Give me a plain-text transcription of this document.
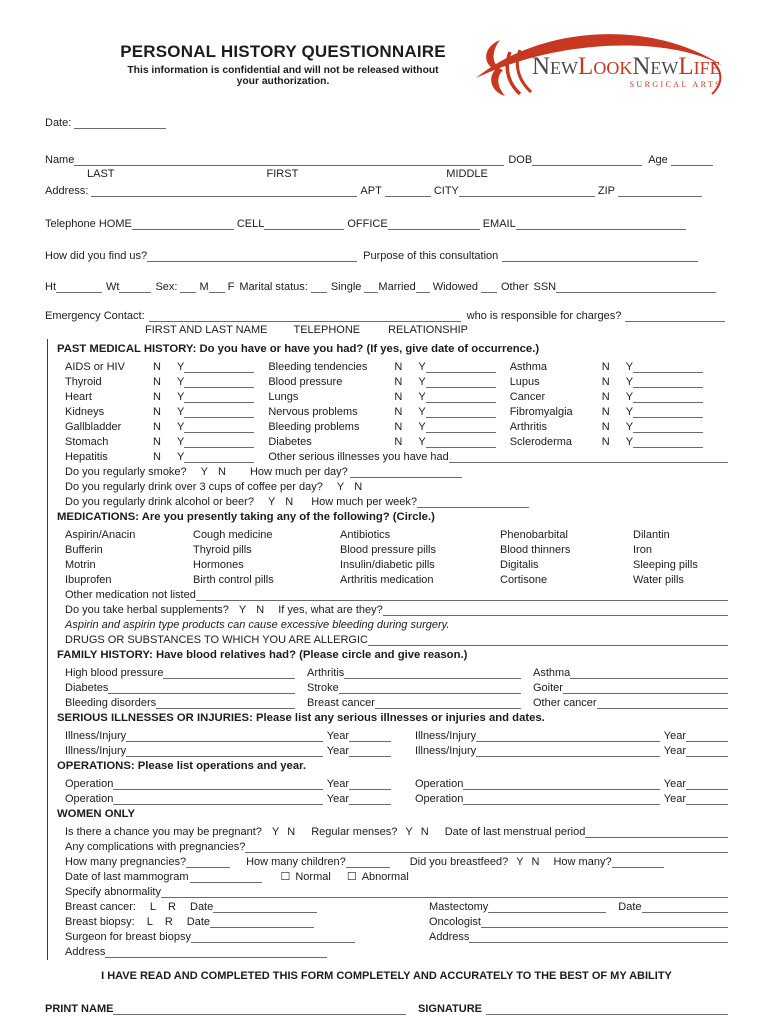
PERSONAL HISTORY QUESTIONNAIRE
This information is confidential and will not be released without your authorization.
NewLookNewLife
SURGICAL ARTS
Date:
Name	DOB	Age
LAST	FIRST	MIDDLE
Address:	APT	CITY	ZIP
Telephone HOME	CELL	OFFICE	EMAIL
How did you find us?	Purpose of this consultation
Ht	Wt	Sex: M F Marital status: Single Married Widowed Other SSN
Emergency Contact:	who is responsible for charges?
FIRST AND LAST NAME TELEPHONE	RELATIONSHIP
PAST MEDICAL HISTORY: Do you have or have you had? (If yes, give date of occurrence.)
AIDS or HIV	N	Y	Bleeding tendencies	N	Y	Asthma	N	Y
Thyroid	N	Y	Blood pressure	N	Y	Lupus	N	Y
Heart	N	Y	Lungs	N	Y	Cancer	N	Y
Kidneys	N	Y	Nervous problems	N	Y	Fibromyalgia	N	Y
Gallbladder	N	Y	Bleeding problems	N	Y	Arthritis	N	Y
Stomach	N	Y	Diabetes	N	Y	Scleroderma	N	Y
Hepatitis	N	Y	Other serious illnesses you have had
Do you regularly smoke? Y N How much per day?
Do you regularly drink over 3 cups of coffee per day? Y N
Do you regularly drink alcohol or beer? Y N How much per week?
MEDICATIONS: Are you presently taking any of the following? (Circle.)
Aspirin/Anacin	Cough medicine	Antibiotics	Phenobarbital	Dilantin
Bufferin	Thyroid pills	Blood pressure pills	Blood thinners	Iron
Motrin	Hormones	Insulin/diabetic pills	Digitalis	Sleeping pills
Ibuprofen	Birth control pills	Arthritis medication	Cortisone	Water pills
Other medication not listed
Do you take herbal supplements? Y N If yes, what are they?
Aspirin and aspirin type products can cause excessive bleeding during surgery.
DRUGS OR SUBSTANCES TO WHICH YOU ARE ALLERGIC
FAMILY HISTORY: Have blood relatives had? (Please circle and give reason.)
High blood pressure	Arthritis	Asthma
Diabetes	Stroke	Goiter
Bleeding disorders	Breast cancer	Other cancer
SERIOUS ILLNESSES OR INJURIES: Please list any serious illnesses or injuries and dates.
Illness/Injury	Year	Illness/Injury	Year
Illness/Injury	Year	Illness/Injury	Year
OPERATIONS: Please list operations and year.
Operation	Year	Operation	Year
Operation	Year	Operation	Year
WOMEN ONLY
Is there a chance you may be pregnant? Y N Regular menses? Y N Date of last menstrual period
Any complications with pregnancies?
How many pregnancies?	How many children?	Did you breastfeed? Y N How many?
Date of last mammogram	☐ Normal ☐ Abnormal
Specify abnormality
Breast cancer: L R Date	Mastectomy	Date
Breast biopsy: L R Date	Oncologist
Surgeon for breast biopsy	Address
Address
I HAVE READ AND COMPLETED THIS FORM COMPLETELY AND ACCURATELY TO THE BEST OF MY ABILITY
PRINT NAME	SIGNATURE
